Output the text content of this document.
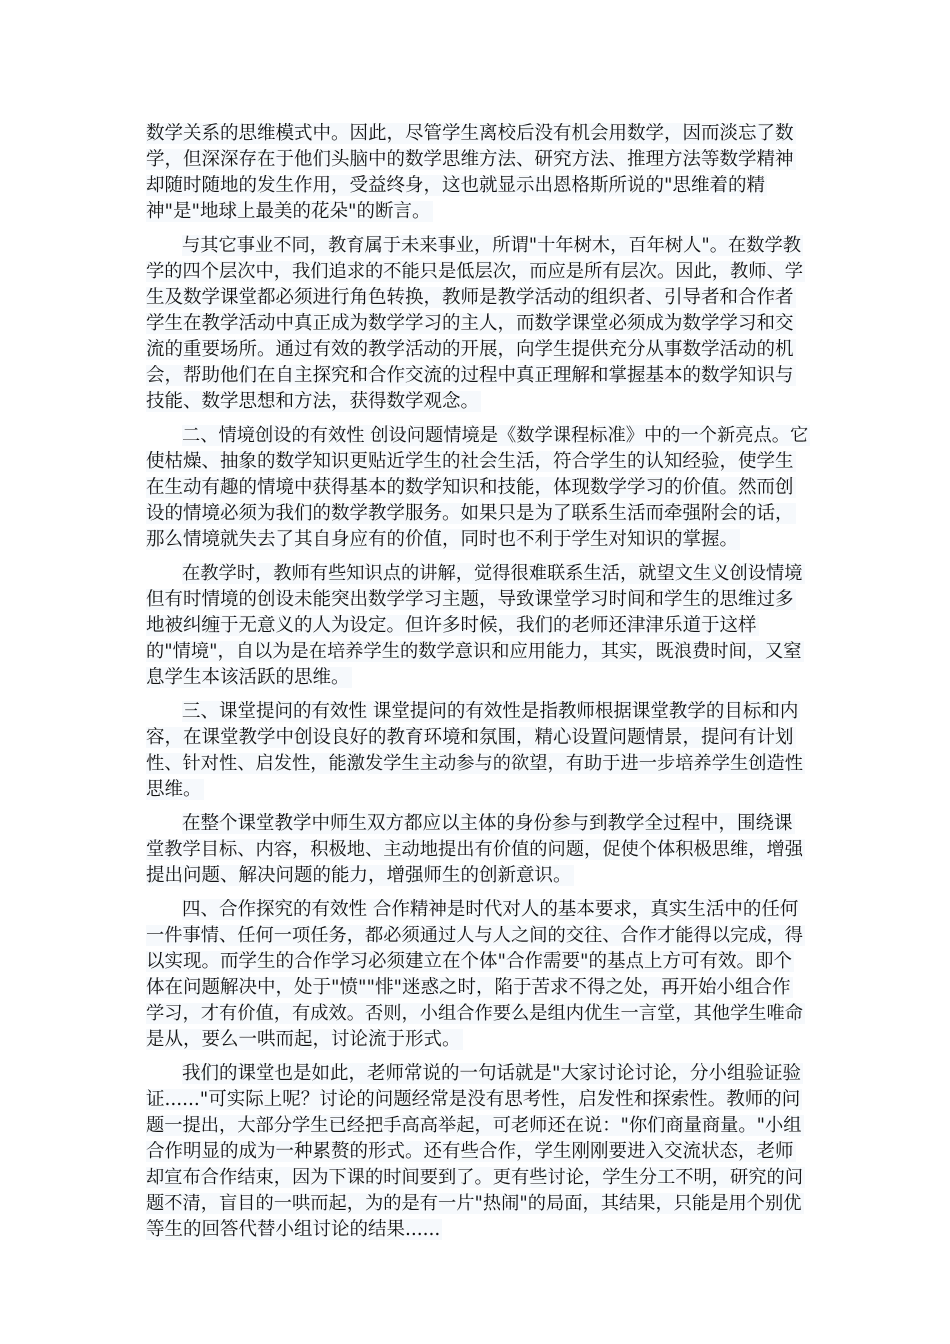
数学关系的思维模式中。因此，尽管学生离校后没有机会用数学，因而淡忘了数
学，但深深存在于他们头脑中的数学思维方法、研究方法、推理方法等数学精神
却随时随地的发生作用，受益终身，这也就显示出恩格斯所说的"思维着的精
神"是"地球上最美的花朵"的断言。
与其它事业不同，教育属于未来事业，所谓"十年树木，百年树人"。在数学教
学的四个层次中，我们追求的不能只是低层次，而应是所有层次。因此，教师、学
生及数学课堂都必须进行角色转换，教师是教学活动的组织者、引导者和合作者
学生在教学活动中真正成为数学学习的主人，而数学课堂必须成为数学学习和交
流的重要场所。通过有效的教学活动的开展，向学生提供充分从事数学活动的机
会，帮助他们在自主探究和合作交流的过程中真正理解和掌握基本的数学知识与
技能、数学思想和方法，获得数学观念。
二、情境创设的有效性 创设问题情境是《数学课程标准》中的一个新亮点。它
使枯燥、抽象的数学知识更贴近学生的社会生活，符合学生的认知经验，使学生
在生动有趣的情境中获得基本的数学知识和技能，体现数学学习的价值。然而创
设的情境必须为我们的数学教学服务。如果只是为了联系生活而牵强附会的话，
那么情境就失去了其自身应有的价值，同时也不利于学生对知识的掌握。
在教学时，教师有些知识点的讲解，觉得很难联系生活，就望文生义创设情境
但有时情境的创设未能突出数学学习主题，导致课堂学习时间和学生的思维过多
地被纠缠于无意义的人为设定。但许多时候，我们的老师还津津乐道于这样
的"情境"，自以为是在培养学生的数学意识和应用能力，其实，既浪费时间，又窒
息学生本该活跃的思维。
三、课堂提问的有效性 课堂提问的有效性是指教师根据课堂教学的目标和内
容，在课堂教学中创设良好的教育环境和氛围，精心设置问题情景，提问有计划
性、针对性、启发性，能激发学生主动参与的欲望，有助于进一步培养学生创造性
思维。
在整个课堂教学中师生双方都应以主体的身份参与到教学全过程中，围绕课
堂教学目标、内容，积极地、主动地提出有价值的问题，促使个体积极思维，增强
提出问题、解决问题的能力，增强师生的创新意识。
四、合作探究的有效性 合作精神是时代对人的基本要求，真实生活中的任何
一件事情、任何一项任务，都必须通过人与人之间的交往、合作才能得以完成，得
以实现。而学生的合作学习必须建立在个体"合作需要"的基点上方可有效。即个
体在问题解决中，处于"愤""悱"迷惑之时，陷于苦求不得之处，再开始小组合作
学习，才有价值，有成效。否则，小组合作要么是组内优生一言堂，其他学生唯命
是从，要么一哄而起，讨论流于形式。
我们的课堂也是如此，老师常说的一句话就是"大家讨论讨论，分小组验证验
证......"可实际上呢？讨论的问题经常是没有思考性，启发性和探索性。教师的问
题一提出，大部分学生已经把手高高举起，可老师还在说："你们商量商量。"小组
合作明显的成为一种累赘的形式。还有些合作，学生刚刚要进入交流状态，老师
却宣布合作结束，因为下课的时间要到了。更有些讨论，学生分工不明，研究的问
题不清，盲目的一哄而起，为的是有一片"热闹"的局面，其结果，只能是用个别优
等生的回答代替小组讨论的结果......
